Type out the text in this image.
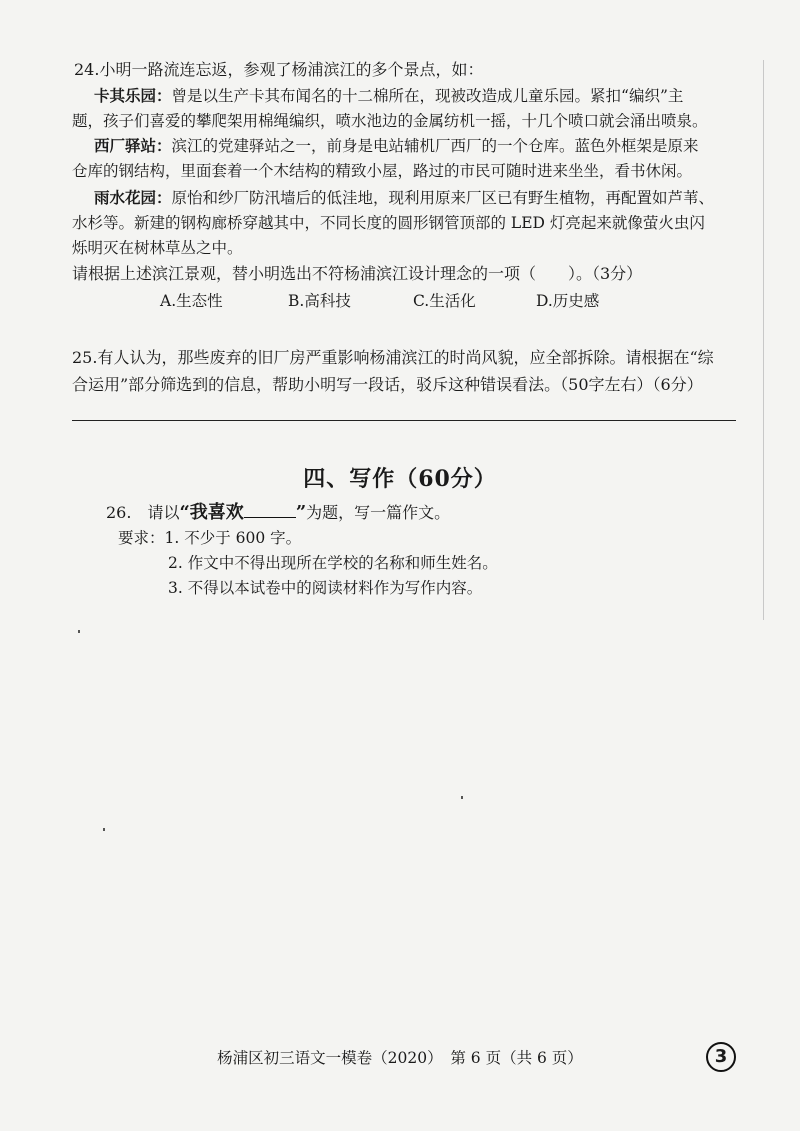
24.小明一路流连忘返，参观了杨浦滨江的多个景点，如：
卡其乐园：曾是以生产卡其布闻名的十二棉所在，现被改造成儿童乐园。紧扣“编织”主
题，孩子们喜爱的攀爬架用棉绳编织，喷水池边的金属纺机一摇，十几个喷口就会涌出喷泉。
西厂驿站：滨江的党建驿站之一，前身是电站辅机厂西厂的一个仓库。蓝色外框架是原来
仓库的钢结构，里面套着一个木结构的精致小屋，路过的市民可随时进来坐坐，看书休闲。
雨水花园：原怡和纱厂防汛墙后的低洼地，现利用原来厂区已有野生植物，再配置如芦苇、
水杉等。新建的钢构廊桥穿越其中，不同长度的圆形钢管顶部的 LED 灯亮起来就像萤火虫闪
烁明灭在树林草丛之中。
请根据上述滨江景观，替小明选出不符杨浦滨江设计理念的一项（　　）。（3分）
A.生态性	B.高科技	C.生活化	D.历史感
25.有人认为，那些废弃的旧厂房严重影响杨浦滨江的时尚风貌，应全部拆除。请根据在“综
合运用”部分筛选到的信息，帮助小明写一段话，驳斥这种错误看法。（50字左右）（6分）
四、写作（60分）
26.　请以“我喜欢	”为题，写一篇作文。
要求：1. 不少于 600 字。
2. 作文中不得出现所在学校的名称和师生姓名。
3. 不得以本试卷中的阅读材料作为写作内容。
杨浦区初三语文一模卷（2020）　第 6 页（共 6 页）	3
